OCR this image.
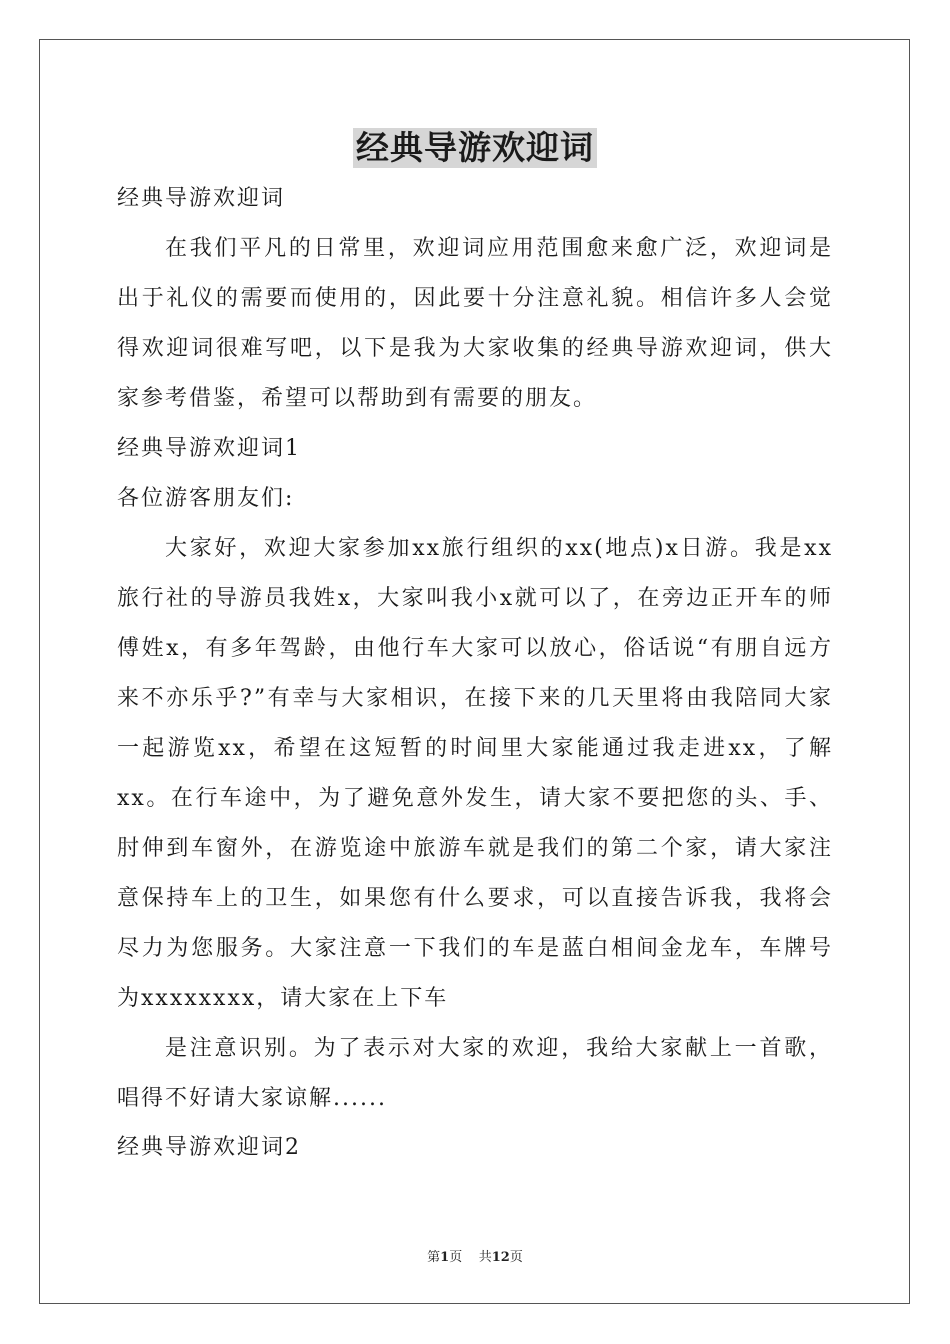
经典导游欢迎词
经典导游欢迎词

在我们平凡的日常里，欢迎词应用范围愈来愈广泛，欢迎词是出于礼仪的需要而使用的，因此要十分注意礼貌。相信许多人会觉得欢迎词很难写吧，以下是我为大家收集的经典导游欢迎词，供大家参考借鉴，希望可以帮助到有需要的朋友。

经典导游欢迎词1
各位游客朋友们:

大家好，欢迎大家参加xx旅行组织的xx(地点)x日游。我是xx旅行社的导游员我姓x，大家叫我小x就可以了，在旁边正开车的师傅姓x，有多年驾龄，由他行车大家可以放心，俗话说“有朋自远方来不亦乐乎?”有幸与大家相识，在接下来的几天里将由我陪同大家一起游览xx，希望在这短暂的时间里大家能通过我走进xx，了解xx。在行车途中，为了避免意外发生，请大家不要把您的头、手、肘伸到车窗外，在游览途中旅游车就是我们的第二个家，请大家注意保持车上的卫生，如果您有什么要求，可以直接告诉我，我将会尽力为您服务。大家注意一下我们的车是蓝白相间金龙车，车牌号为xxxxxxxx，请大家在上下车

是注意识别。为了表示对大家的欢迎，我给大家献上一首歌，唱得不好请大家谅解......

经典导游欢迎词2
第1页 共12页
